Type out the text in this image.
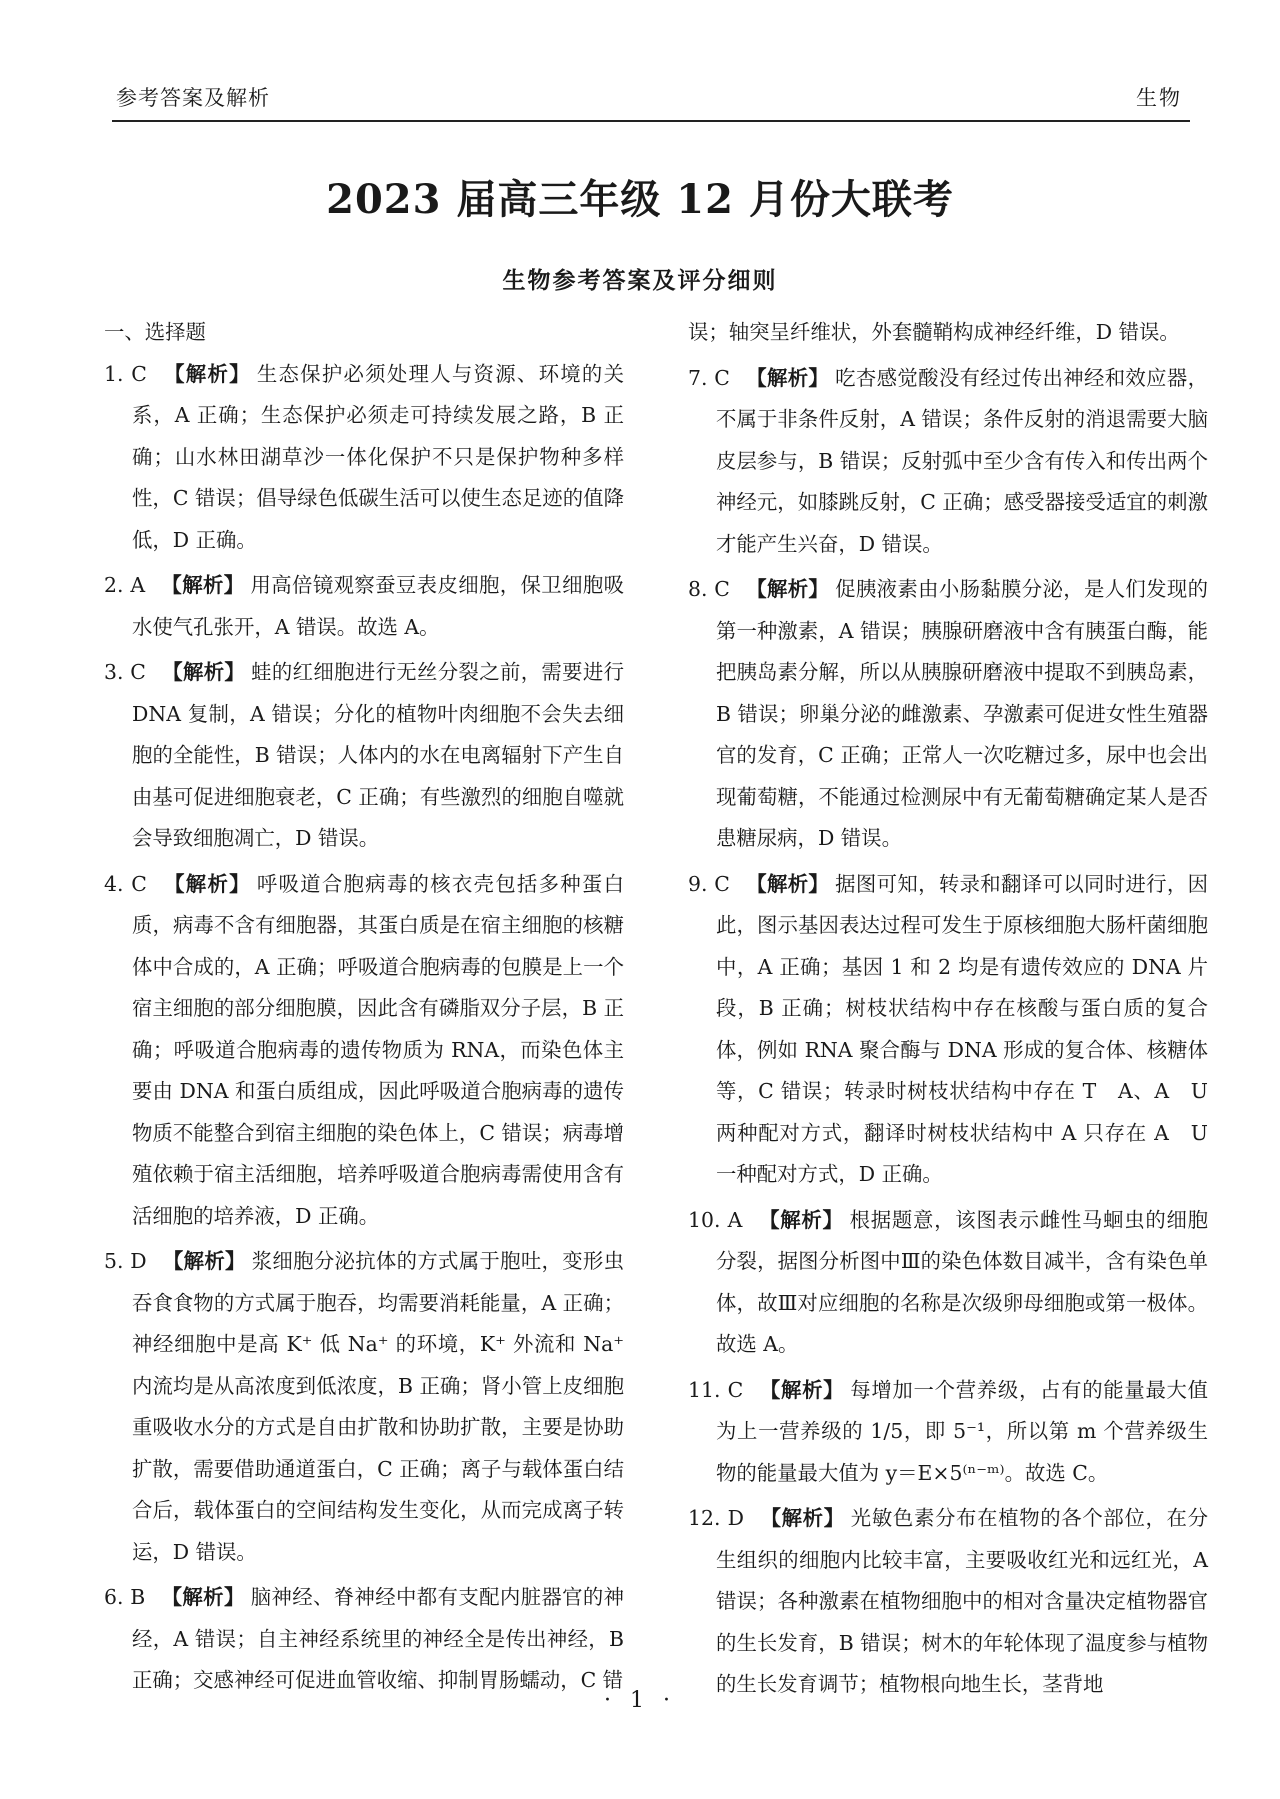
参考答案及解析	生物
2023 届高三年级 12 月份大联考
生物参考答案及评分细则

一、选择题

1. C 【解析】 生态保护必须处理人与资源、环境的关系，A 正确；生态保护必须走可持续发展之路，B 正确；山水林田湖草沙一体化保护不只是保护物种多样性，C 错误；倡导绿色低碳生活可以使生态足迹的值降低，D 正确。

2. A 【解析】 用高倍镜观察蚕豆表皮细胞，保卫细胞吸水使气孔张开，A 错误。故选 A。

3. C 【解析】 蛙的红细胞进行无丝分裂之前，需要进行 DNA 复制，A 错误；分化的植物叶肉细胞不会失去细胞的全能性，B 错误；人体内的水在电离辐射下产生自由基可促进细胞衰老，C 正确；有些激烈的细胞自噬就会导致细胞凋亡，D 错误。

4. C 【解析】 呼吸道合胞病毒的核衣壳包括多种蛋白质，病毒不含有细胞器，其蛋白质是在宿主细胞的核糖体中合成的，A 正确；呼吸道合胞病毒的包膜是上一个宿主细胞的部分细胞膜，因此含有磷脂双分子层，B 正确；呼吸道合胞病毒的遗传物质为 RNA，而染色体主要由 DNA 和蛋白质组成，因此呼吸道合胞病毒的遗传物质不能整合到宿主细胞的染色体上，C 错误；病毒增殖依赖于宿主活细胞，培养呼吸道合胞病毒需使用含有活细胞的培养液，D 正确。

5. D 【解析】 浆细胞分泌抗体的方式属于胞吐，变形虫吞食食物的方式属于胞吞，均需要消耗能量，A 正确；神经细胞中是高 K⁺ 低 Na⁺ 的环境，K⁺ 外流和 Na⁺ 内流均是从高浓度到低浓度，B 正确；肾小管上皮细胞重吸收水分的方式是自由扩散和协助扩散，主要是协助扩散，需要借助通道蛋白，C 正确；离子与载体蛋白结合后，载体蛋白的空间结构发生变化，从而完成离子转运，D 错误。

6. B 【解析】 脑神经、脊神经中都有支配内脏器官的神经，A 错误；自主神经系统里的神经全是传出神经，B 正确；交感神经可促进血管收缩、抑制胃肠蠕动，C 错

误；轴突呈纤维状，外套髓鞘构成神经纤维，D 错误。

7. C 【解析】 吃杏感觉酸没有经过传出神经和效应器，不属于非条件反射，A 错误；条件反射的消退需要大脑皮层参与，B 错误；反射弧中至少含有传入和传出两个神经元，如膝跳反射，C 正确；感受器接受适宜的刺激才能产生兴奋，D 错误。

8. C 【解析】 促胰液素由小肠黏膜分泌，是人们发现的第一种激素，A 错误；胰腺研磨液中含有胰蛋白酶，能把胰岛素分解，所以从胰腺研磨液中提取不到胰岛素，B 错误；卵巢分泌的雌激素、孕激素可促进女性生殖器官的发育，C 正确；正常人一次吃糖过多，尿中也会出现葡萄糖，不能通过检测尿中有无葡萄糖确定某人是否患糖尿病，D 错误。

9. C 【解析】 据图可知，转录和翻译可以同时进行，因此，图示基因表达过程可发生于原核细胞大肠杆菌细胞中，A 正确；基因 1 和 2 均是有遗传效应的 DNA 片段，B 正确；树枝状结构中存在核酸与蛋白质的复合体，例如 RNA 聚合酶与 DNA 形成的复合体、核糖体等，C 错误；转录时树枝状结构中存在 T　A、A　U 两种配对方式，翻译时树枝状结构中 A 只存在 A　U 一种配对方式，D 正确。

10. A 【解析】 根据题意，该图表示雌性马蛔虫的细胞分裂，据图分析图中Ⅲ的染色体数目减半，含有染色单体，故Ⅲ对应细胞的名称是次级卵母细胞或第一极体。故选 A。

11. C 【解析】 每增加一个营养级，占有的能量最大值为上一营养级的 1/5，即 5⁻¹，所以第 m 个营养级生物的能量最大值为 y＝E×5⁽ⁿ⁻ᵐ⁾。故选 C。

12. D 【解析】 光敏色素分布在植物的各个部位，在分生组织的细胞内比较丰富，主要吸收红光和远红光，A 错误；各种激素在植物细胞中的相对含量决定植物器官的生长发育，B 错误；树木的年轮体现了温度参与植物的生长发育调节；植物根向地生长，茎背地

· 1 ·
